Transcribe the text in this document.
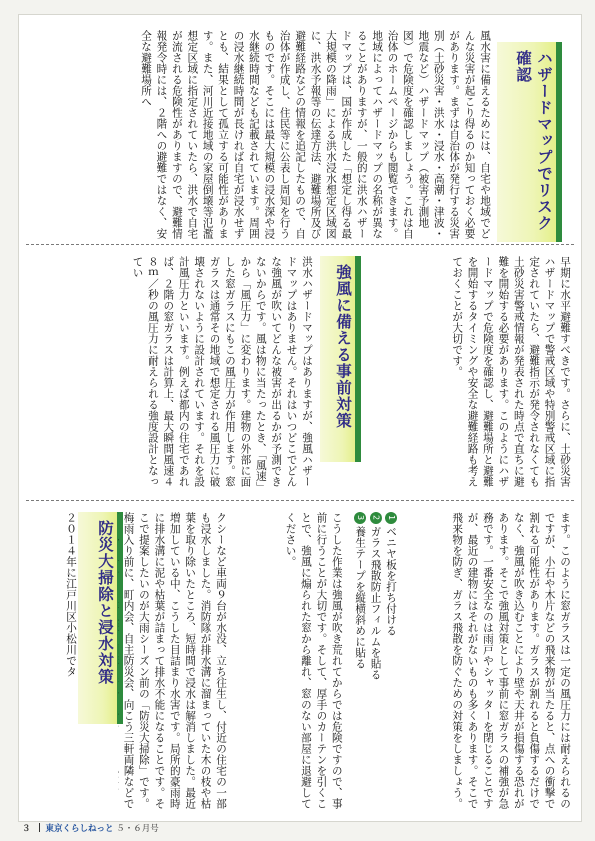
ハザードマップでリスク確認

風水害に備えるためには、自宅や地域でどんな災害が起こり得るのか知っておく必要があります。まずは自治体が発行する災害別（土砂災害・洪水・浸水・高潮・津波・地震など）ハザードマップ（被害予測地図）で危険度を確認しましょう。これは自治体のホームページからも閲覧できます。地域によってハザードマップの名称が異なることがありますが、一般的に洪水ハザードマップは、国が作成した「想定し得る最大規模の降雨」による洪水浸水想定区域図に、洪水予報等の伝達方法、避難場所及び避難経路などの情報を追記したもので、自治体が作成し、住民等に公表し周知を行うものです。そこには最大規模の浸水深や浸水継続時間なども記載されています。周囲の浸水継続時間が長ければ自宅が浸水せずとも、結果として孤立する可能性があります。また、河川近接地域の家屋倒壊等氾濫想定区域に指定されていたら、洪水で自宅が流される危険性がありますので、避難情報発令時には、２階への避難ではなく、安全な避難場所へ

早期に水平避難すべきです。さらに、土砂災害ハザードマップで警戒区域や特別警戒区域に指定されていたら、避難指示が発令されなくても土砂災害警戒情報が発表された時点で直ちに避難を開始する必要があります。このようにハザードマップで危険度を確認し、避難場所と避難を開始するタイミングや安全な避難経路も考えておくことが大切です。

強風に備える事前対策

洪水ハザードマップはありますが、強風ハザードマップはありません。それはいつどこでどんな強風が吹いてどんな被害が出るかが予測できないからです。風は物に当たったとき、「風速」から「風圧力」に変わります。建物の外部に面した窓ガラスにもこの風圧力が作用します。窓ガラスは通常その地域で想定される風圧力に破壊されないように設計されています。それを設計風圧力といいます。例えば都内の住宅であれば、２階の窓ガラスは計算上、最大瞬間風速４８ｍ／秒の風圧力に耐えられる強度設計となってい

ます。このように窓ガラスは一定の風圧力には耐えられるのですが、小石や木片などの飛来物が当たると、点への衝撃で割れる可能性があります。ガラスが割れると負傷するだけでなく、強風が吹き込むことにより壁や天井が損傷する恐れがあります。そこで強風対策として事前に窓ガラスの補強が急務です。一番安全なのは雨戸やシャッターを閉じることですが、最近の建物にはそれがないものも多くあります。そこで飛来物を防ぎ、ガラス飛散を防ぐための対策をしましょう。

1ベニヤ板を打ち付ける
2ガラス飛散防止フィルムを貼る
3養生テープを縦横斜めに貼る
こうした作業は強風が吹き荒れてからでは危険ですので、事前に行うことが大切です。そして、厚手のカーテンを引くことで、強風に煽られた窓から離れ、窓のない部屋に退避してください。
防災大掃除と浸水対策

２０１４年に江戸川区小松川でタ	クシーなど車両９台が水没、立ち往生し、付近の住宅の一部も浸水しました。消防隊が排水溝に溜まっていた木の枝や枯葉を取り除いたところ、短時間で浸水は解消しました。最近増加している中、こうした目詰まり水害です。局所的豪雨時に排水溝に泥や枯葉が詰まって排水不能になることです。そこで提案したいのが大雨シーズン前の「防災大掃除」です。梅雨入り前に、町内会、自主防災会、向こう三軒両隣などで

３ 東京くらしねっと ５・６月号
